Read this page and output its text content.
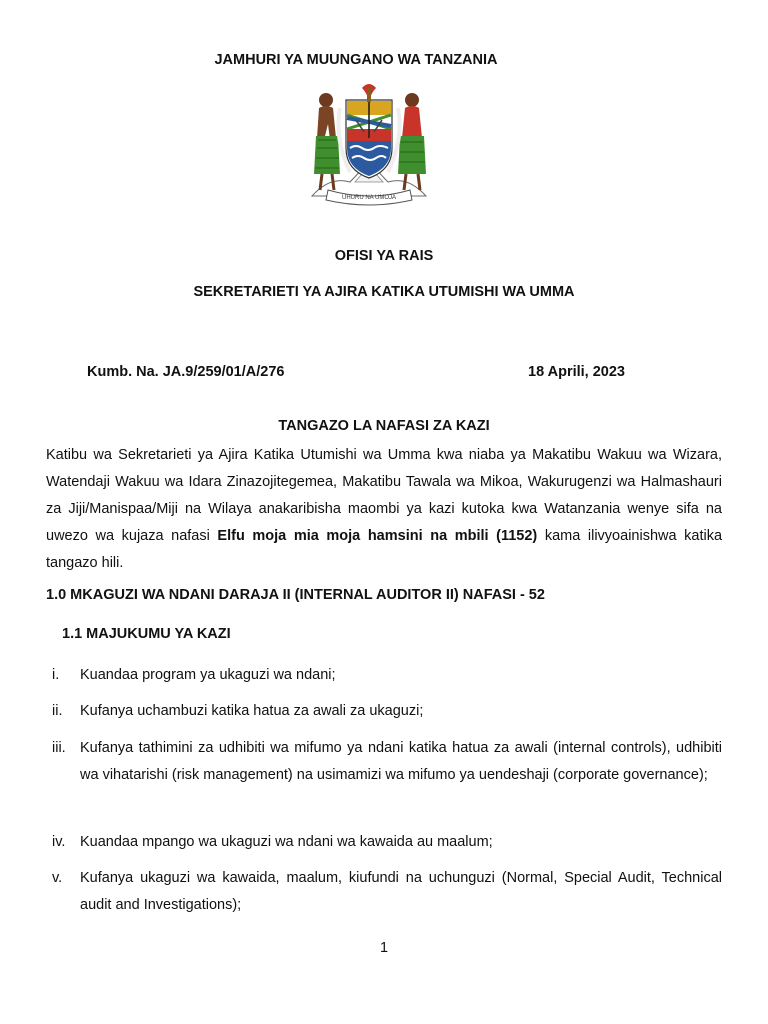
JAMHURI YA MUUNGANO WA TANZANIA
UHURU NA UMOJA
OFISI YA RAIS
SEKRETARIETI YA AJIRA KATIKA UTUMISHI WA UMMA
Kumb. Na. JA.9/259/01/A/276	18 Aprili, 2023
TANGAZO LA NAFASI ZA KAZI
Katibu wa Sekretarieti ya Ajira Katika Utumishi wa Umma kwa niaba ya Makatibu Wakuu wa Wizara, Watendaji Wakuu wa Idara Zinazojitegemea, Makatibu Tawala wa Mikoa, Wakurugenzi wa Halmashauri za Jiji/Manispaa/Miji na Wilaya anakaribisha maombi ya kazi kutoka kwa Watanzania wenye sifa na uwezo wa kujaza nafasi Elfu moja mia moja hamsini na mbili (1152) kama ilivyoainishwa katika tangazo hili.
1.0 MKAGUZI WA NDANI DARAJA II (INTERNAL AUDITOR II) NAFASI - 52
1.1 MAJUKUMU YA KAZI
i.	Kuandaa program ya ukaguzi wa ndani;
ii.	Kufanya uchambuzi katika hatua za awali za ukaguzi;
iii. Kufanya tathimini za udhibiti wa mifumo ya ndani katika hatua za awali (internal controls), udhibiti wa vihatarishi (risk management) na usimamizi wa mifumo ya uendeshaji (corporate governance);
iv.	Kuandaa mpango wa ukaguzi wa ndani wa kawaida au maalum;
v.	Kufanya ukaguzi wa kawaida, maalum, kiufundi na uchunguzi (Normal, Special Audit, Technical audit and Investigations);
1
